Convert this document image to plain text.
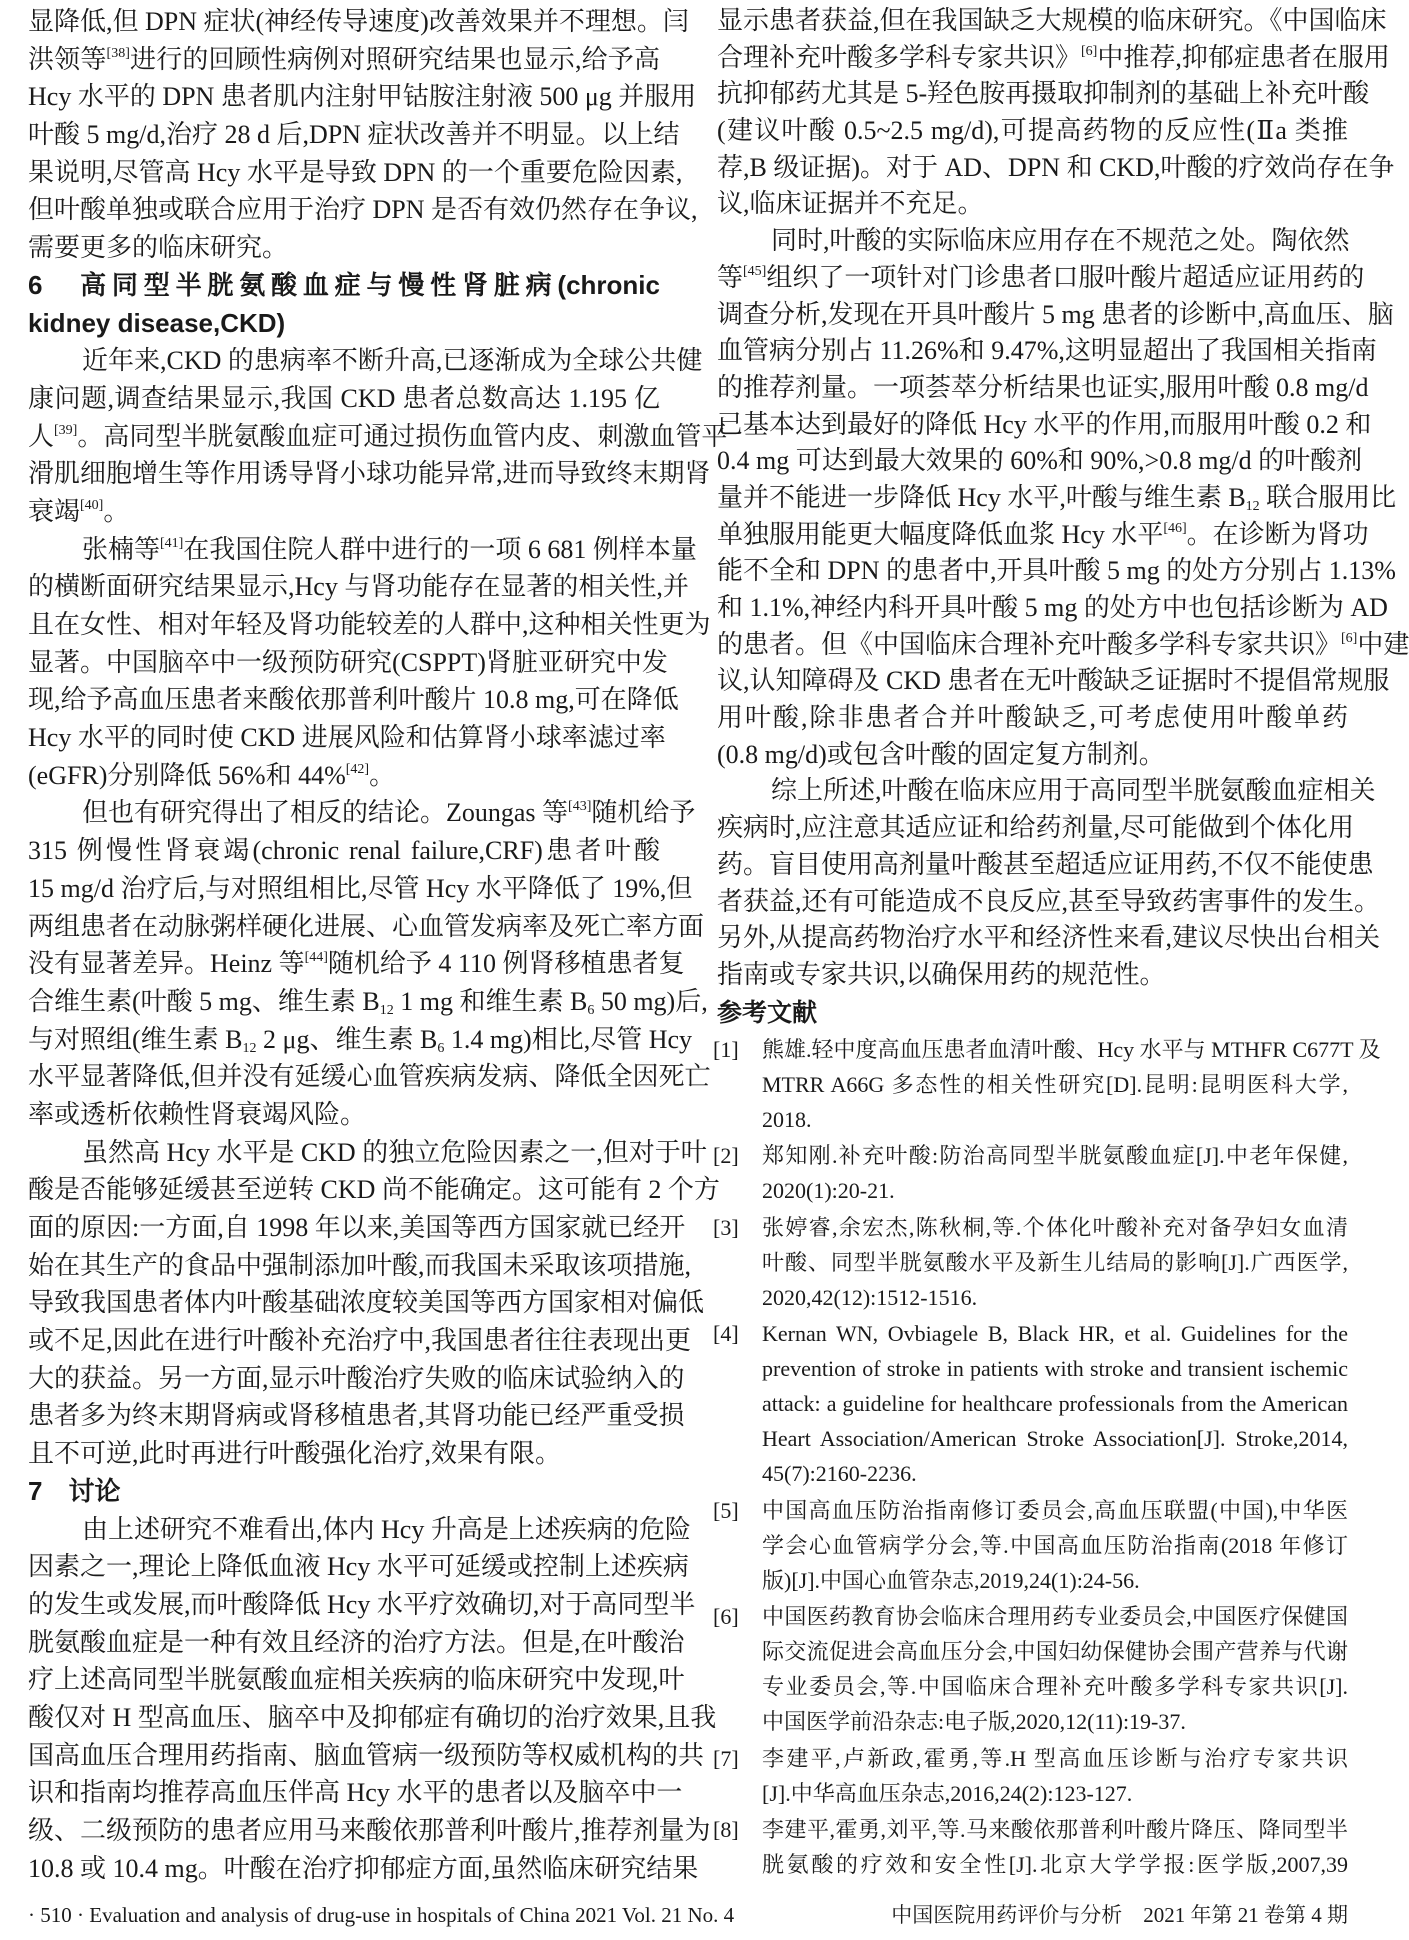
显降低,但 DPN 症状(神经传导速度)改善效果并不理想。闫
洪领等[38]进行的回顾性病例对照研究结果也显示,给予高
Hcy 水平的 DPN 患者肌内注射甲钴胺注射液 500 μg 并服用
叶酸 5 mg/d,治疗 28 d 后,DPN 症状改善并不明显。以上结
果说明,尽管高 Hcy 水平是导致 DPN 的一个重要危险因素,
但叶酸单独或联合应用于治疗 DPN 是否有效仍然存在争议,
需要更多的临床研究。
6　高同型半胱氨酸血症与慢性肾脏病(chronic
kidney disease,CKD)
近年来,CKD 的患病率不断升高,已逐渐成为全球公共健
康问题,调查结果显示,我国 CKD 患者总数高达 1.195 亿
人[39]。高同型半胱氨酸血症可通过损伤血管内皮、刺激血管平
滑肌细胞增生等作用诱导肾小球功能异常,进而导致终末期肾
衰竭[40]。
张楠等[41]在我国住院人群中进行的一项 6 681 例样本量
的横断面研究结果显示,Hcy 与肾功能存在显著的相关性,并
且在女性、相对年轻及肾功能较差的人群中,这种相关性更为
显著。中国脑卒中一级预防研究(CSPPT)肾脏亚研究中发
现,给予高血压患者来酸依那普利叶酸片 10.8 mg,可在降低
Hcy 水平的同时使 CKD 进展风险和估算肾小球率滤过率
(eGFR)分别降低 56%和 44%[42]。
但也有研究得出了相反的结论。Zoungas 等[43]随机给予
315 例慢性肾衰竭(chronic renal failure,CRF)患者叶酸
15 mg/d 治疗后,与对照组相比,尽管 Hcy 水平降低了 19%,但
两组患者在动脉粥样硬化进展、心血管发病率及死亡率方面
没有显著差异。Heinz 等[44]随机给予 4 110 例肾移植患者复
合维生素(叶酸 5 mg、维生素 $B_{12}$ 1 mg 和维生素 $B_6$ 50 mg)后,
与对照组(维生素 $B_{12}$ 2 μg、维生素 $B_6$ 1.4 mg)相比,尽管 Hcy
水平显著降低,但并没有延缓心血管疾病发病、降低全因死亡
率或透析依赖性肾衰竭风险。
虽然高 Hcy 水平是 CKD 的独立危险因素之一,但对于叶
酸是否能够延缓甚至逆转 CKD 尚不能确定。这可能有 2 个方
面的原因:一方面,自 1998 年以来,美国等西方国家就已经开
始在其生产的食品中强制添加叶酸,而我国未采取该项措施,
导致我国患者体内叶酸基础浓度较美国等西方国家相对偏低
或不足,因此在进行叶酸补充治疗中,我国患者往往表现出更
大的获益。另一方面,显示叶酸治疗失败的临床试验纳入的
患者多为终末期肾病或肾移植患者,其肾功能已经严重受损
且不可逆,此时再进行叶酸强化治疗,效果有限。
7　讨论
由上述研究不难看出,体内 Hcy 升高是上述疾病的危险
因素之一,理论上降低血液 Hcy 水平可延缓或控制上述疾病
的发生或发展,而叶酸降低 Hcy 水平疗效确切,对于高同型半
胱氨酸血症是一种有效且经济的治疗方法。但是,在叶酸治
疗上述高同型半胱氨酸血症相关疾病的临床研究中发现,叶
酸仅对 H 型高血压、脑卒中及抑郁症有确切的治疗效果,且我
国高血压合理用药指南、脑血管病一级预防等权威机构的共
识和指南均推荐高血压伴高 Hcy 水平的患者以及脑卒中一
级、二级预防的患者应用马来酸依那普利叶酸片,推荐剂量为
10.8 或 10.4 mg。叶酸在治疗抑郁症方面,虽然临床研究结果
显示患者获益,但在我国缺乏大规模的临床研究。《中国临床
合理补充叶酸多学科专家共识》[6]中推荐,抑郁症患者在服用
抗抑郁药尤其是 5-羟色胺再摄取抑制剂的基础上补充叶酸
(建议叶酸 0.5~2.5 mg/d),可提高药物的反应性(Ⅱa 类推
荐,B 级证据)。对于 AD、DPN 和 CKD,叶酸的疗效尚存在争
议,临床证据并不充足。
同时,叶酸的实际临床应用存在不规范之处。陶依然
等[45]组织了一项针对门诊患者口服叶酸片超适应证用药的
调查分析,发现在开具叶酸片 5 mg 患者的诊断中,高血压、脑
血管病分别占 11.26%和 9.47%,这明显超出了我国相关指南
的推荐剂量。一项荟萃分析结果也证实,服用叶酸 0.8 mg/d
已基本达到最好的降低 Hcy 水平的作用,而服用叶酸 0.2 和
0.4 mg 可达到最大效果的 60%和 90%,>0.8 mg/d 的叶酸剂
量并不能进一步降低 Hcy 水平,叶酸与维生素 $B_{12}$ 联合服用比
单独服用能更大幅度降低血浆 Hcy 水平[46]。在诊断为肾功
能不全和 DPN 的患者中,开具叶酸 5 mg 的处方分别占 1.13%
和 1.1%,神经内科开具叶酸 5 mg 的处方中也包括诊断为 AD
的患者。但《中国临床合理补充叶酸多学科专家共识》[6]中建
议,认知障碍及 CKD 患者在无叶酸缺乏证据时不提倡常规服
用叶酸,除非患者合并叶酸缺乏,可考虑使用叶酸单药
(0.8 mg/d)或包含叶酸的固定复方制剂。
综上所述,叶酸在临床应用于高同型半胱氨酸血症相关
疾病时,应注意其适应证和给药剂量,尽可能做到个体化用
药。盲目使用高剂量叶酸甚至超适应证用药,不仅不能使患
者获益,还有可能造成不良反应,甚至导致药害事件的发生。
另外,从提高药物治疗水平和经济性来看,建议尽快出台相关
指南或专家共识,以确保用药的规范性。
参考文献
[1] 熊雄.轻中度高血压患者血清叶酸、Hcy 水平与 MTHFR C677T 及
MTRR A66G 多态性的相关性研究[D].昆明:昆明医科大学,
2018.
[2] 郑知刚.补充叶酸:防治高同型半胱氨酸血症[J].中老年保健,
2020(1):20-21.
[3] 张婷睿,余宏杰,陈秋桐,等.个体化叶酸补充对备孕妇女血清
叶酸、同型半胱氨酸水平及新生儿结局的影响[J].广西医学,
2020,42(12):1512-1516.
[4] Kernan WN, Ovbiagele B, Black HR, et al. Guidelines for the
prevention of stroke in patients with stroke and transient ischemic
attack: a guideline for healthcare professionals from the American
Heart Association/American Stroke Association[J]. Stroke,2014,
45(7):2160-2236.
[5] 中国高血压防治指南修订委员会,高血压联盟(中国),中华医
学会心血管病学分会,等.中国高血压防治指南(2018 年修订
版)[J].中国心血管杂志,2019,24(1):24-56.
[6] 中国医药教育协会临床合理用药专业委员会,中国医疗保健国
际交流促进会高血压分会,中国妇幼保健协会围产营养与代谢
专业委员会,等.中国临床合理补充叶酸多学科专家共识[J].
中国医学前沿杂志:电子版,2020,12(11):19-37.
[7] 李建平,卢新政,霍勇,等.H 型高血压诊断与治疗专家共识
[J].中华高血压杂志,2016,24(2):123-127.
[8] 李建平,霍勇,刘平,等.马来酸依那普利叶酸片降压、降同型半
胱氨酸的疗效和安全性[J].北京大学学报:医学版,2007,39
· 510 · Evaluation and analysis of drug-use in hospitals of China 2021 Vol. 21 No. 4	中国医院用药评价与分析　2021 年第 21 卷第 4 期
